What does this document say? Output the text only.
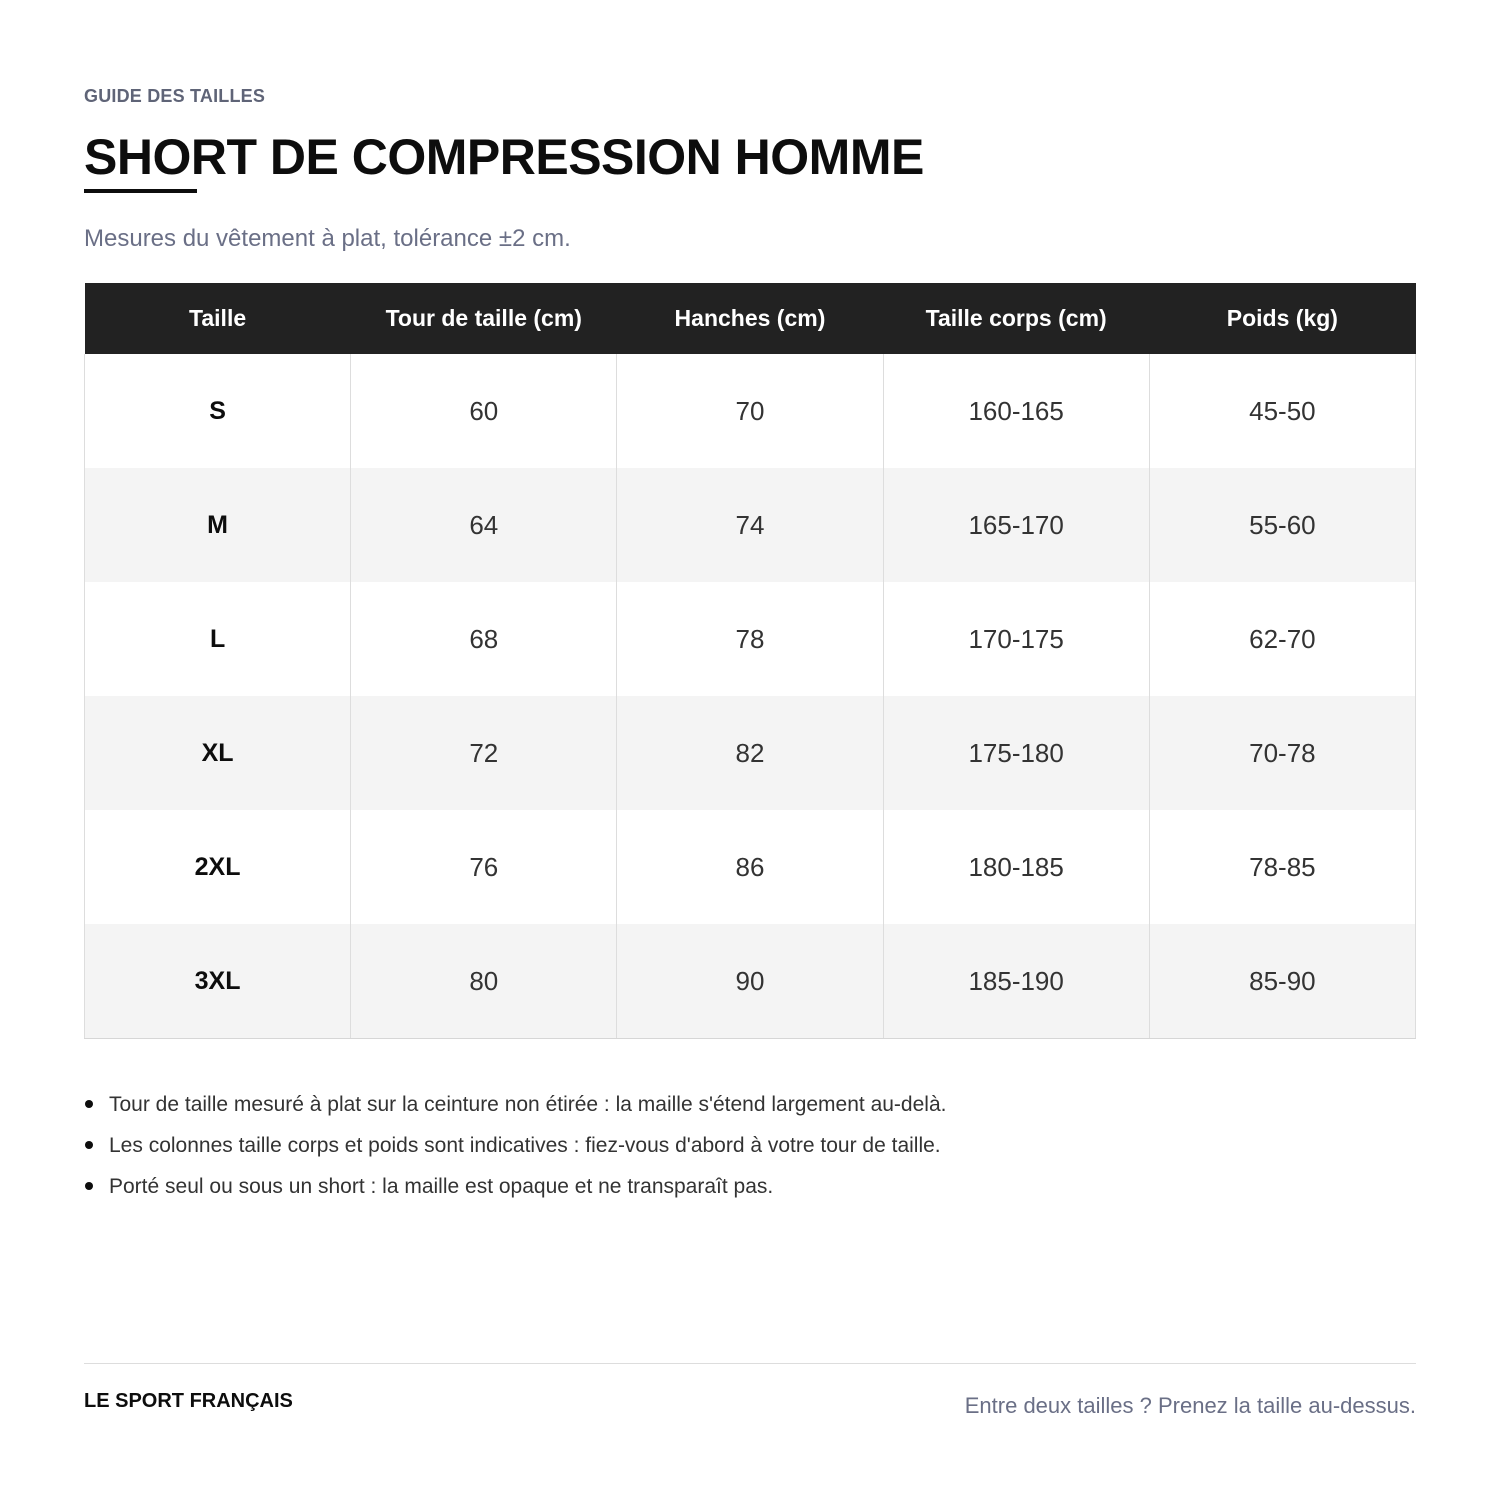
GUIDE DES TAILLES
SHORT DE COMPRESSION HOMME
Mesures du vêtement à plat, tolérance ±2 cm.
Taille	Tour de taille (cm)	Hanches (cm)	Taille corps (cm)	Poids (kg)
S	60	70	160-165	45-50
M	64	74	165-170	55-60
L	68	78	170-175	62-70
XL	72	82	175-180	70-78
2XL	76	86	180-185	78-85
3XL	80	90	185-190	85-90
Tour de taille mesuré à plat sur la ceinture non étirée : la maille s'étend largement au-delà.
Les colonnes taille corps et poids sont indicatives : fiez-vous d'abord à votre tour de taille.
Porté seul ou sous un short : la maille est opaque et ne transparaît pas.
LE SPORT FRANÇAIS	Entre deux tailles ? Prenez la taille au-dessus.
